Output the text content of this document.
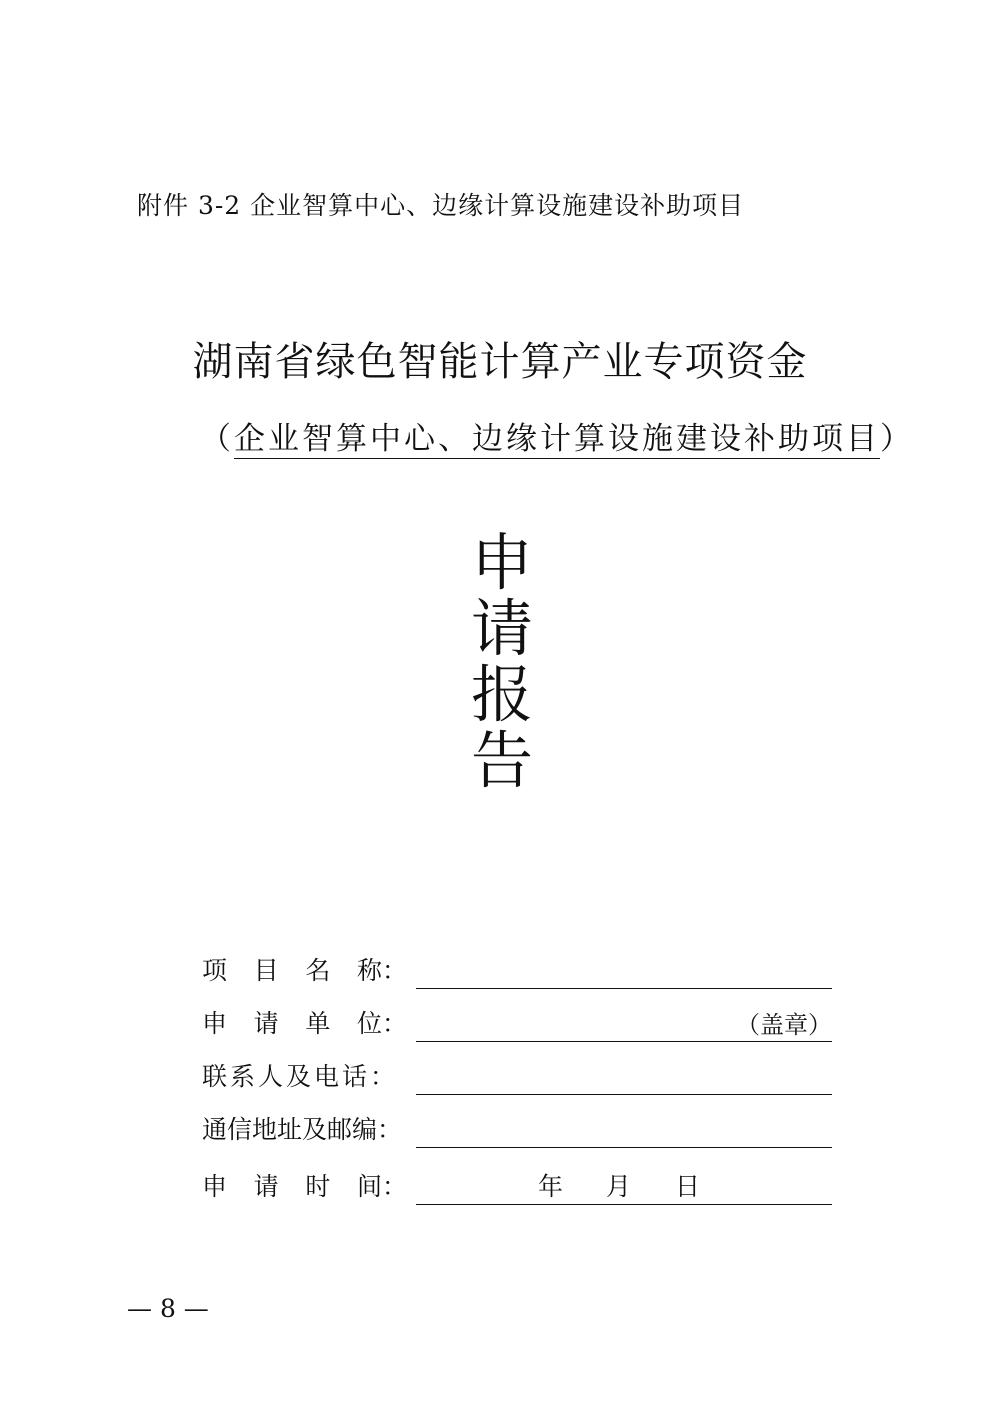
附件 3-2 企业智算中心、边缘计算设施建设补助项目
湖南省绿色智能计算产业专项资金
（企业智算中心、边缘计算设施建设补助项目）
申
请
报
告
项 目 名 称：
申 请 单 位：	（盖章）
联系人及电话：
通信地址及邮编：
申 请 时 间：	年 月 日
— 8 —
